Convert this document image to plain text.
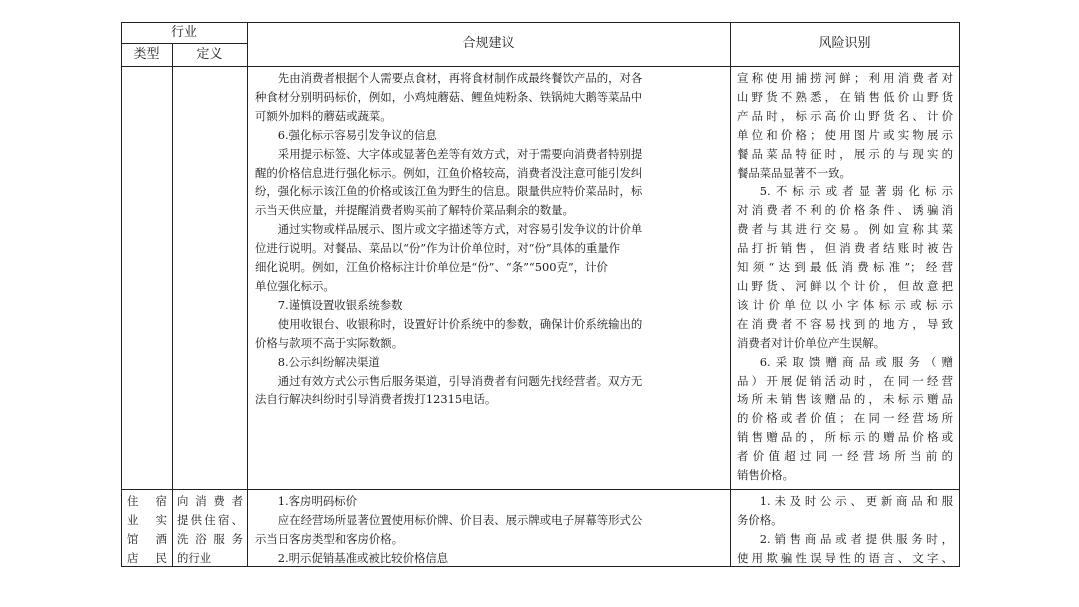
行业
类型	定义
合规建议	风险识别

先由消费者根据个人需要点食材，再将食材制作成最终餐饮产品的，对各

种食材分别明码标价，例如，小鸡炖蘑菇、鲤鱼炖粉条、铁锅炖大鹅等菜品中

可额外加料的蘑菇或蔬菜。

6.强化标示容易引发争议的信息

采用提示标签、大字体或显著色差等有效方式，对于需要向消费者特别提

醒的价格信息进行强化标示。例如，江鱼价格较高，消费者没注意可能引发纠

纷，强化标示该江鱼的价格或该江鱼为野生的信息。限量供应特价菜品时，标

示当天供应量，并提醒消费者购买前了解特价菜品剩余的数量。

通过实物或样品展示、图片或文字描述等方式，对容易引发争议的计价单

位进行说明。对餐品、菜品以“份”作为计价单位时，对“份”具体的重量作

细化说明。例如，江鱼价格标注计价单位是“份”、“条”“500克”，计价

单位强化标示。

7.谨慎设置收银系统参数

使用收银台、收银称时，设置好计价系统中的参数，确保计价系统输出的

价格与款项不高于实际数额。

8.公示纠纷解决渠道

通过有效方式公示售后服务渠道，引导消费者有问题先找经营者。双方无

法自行解决纠纷时引导消费者拨打12315电话。

宣称使用捕捞河鲜；利用消费者对

山野货不熟悉，在销售低价山野货

产品时，标示高价山野货名、计价

单位和价格；使用图片或实物展示

餐品菜品特征时，展示的与现实的

餐品菜品显著不一致。

5.不标示或者显著弱化标示

对消费者不利的价格条件、诱骗消

费者与其进行交易。例如宣称其菜

品打折销售，但消费者结账时被告

知须“达到最低消费标准”；经营

山野货、河鲜以个计价，但故意把

该计价单位以小字体标示或标示

在消费者不容易找到的地方，导致

消费者对计价单位产生误解。

6.采取馈赠商品或服务（赠

品）开展促销活动时，在同一经营

场所未销售该赠品的，未标示赠品

的价格或者价值；在同一经营场所

销售赠品的，所标示的赠品价格或

者价值超过同一经营场所当前的

销售价格。

住宿

业实

馆酒

店民

向消费者

提供住宿、

洗浴服务

的行业

1.客房明码标价

应在经营场所显著位置使用标价牌、价目表、展示牌或电子屏幕等形式公

示当日客房类型和客房价格。

2.明示促销基准或被比较价格信息

1.未及时公示、更新商品和服

务价格。

2.销售商品或者提供服务时，

使用欺骗性误导性的语言、文字、
